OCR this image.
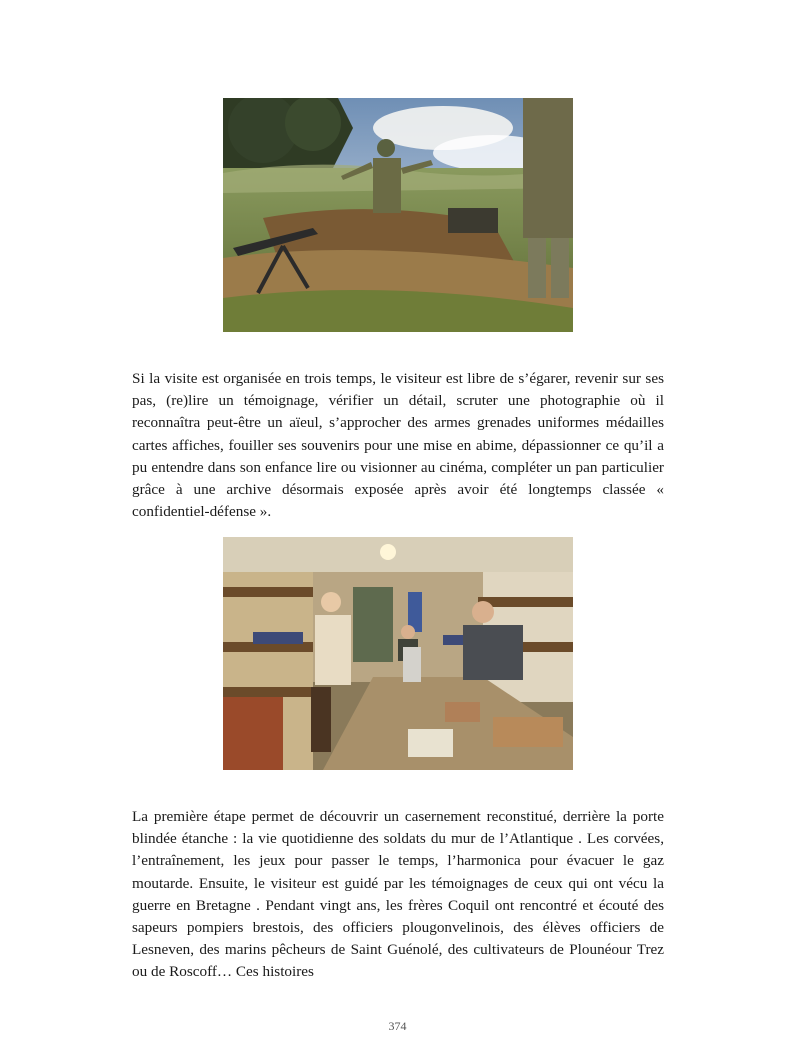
Si la visite est organisée en trois temps, le visiteur est libre de s’égarer, revenir sur ses pas, (re)lire un témoignage, vérifier un détail, scruter une photographie où il reconnaîtra peut-être un aïeul, s’approcher des armes grenades uniformes médailles cartes affiches, fouiller ses souvenirs pour une mise en abime, dépassionner ce qu’il a pu entendre dans son enfance lire ou visionner au cinéma, compléter un pan particulier grâce à une archive désormais exposée après avoir été longtemps classée « confidentiel-défense ».

La première étape permet de découvrir un casernement reconstitué, derrière la porte blindée étanche : la vie quotidienne des soldats du mur de l’Atlantique . Les corvées, l’entraînement, les jeux pour passer le temps, l’harmonica pour évacuer le gaz moutarde. Ensuite, le visiteur est guidé par les témoignages de ceux qui ont vécu la guerre en Bretagne . Pendant vingt ans, les frères Coquil ont rencontré et écouté des sapeurs pompiers brestois, des officiers plougonvelinois, des élèves officiers de Lesneven, des marins pêcheurs de Saint Guénolé, des cultivateurs de Plounéour Trez ou de Roscoff… Ces histoires

374
